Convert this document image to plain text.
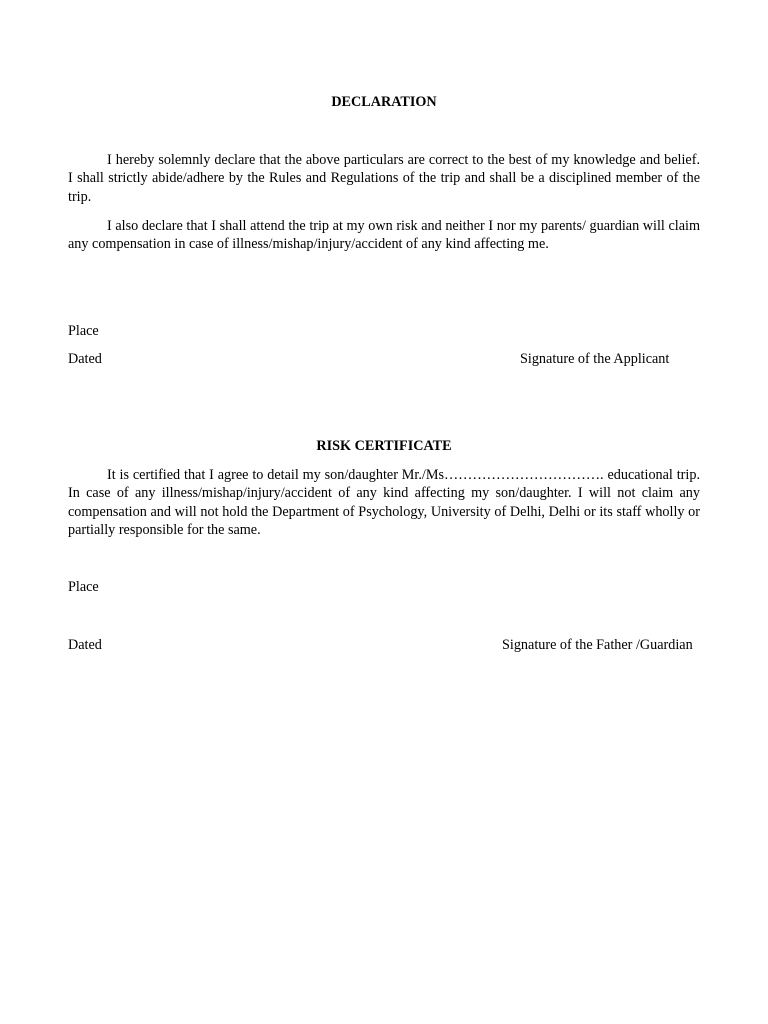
DECLARATION
I hereby solemnly declare that the above particulars are correct to the best of my knowledge and belief. I shall strictly abide/adhere by the Rules and Regulations of the trip and shall be a disciplined member of the trip.
I also declare that I shall attend the trip at my own risk and neither I nor my parents/ guardian will claim any compensation in case of illness/mishap/injury/accident of any kind affecting me.
Place
Dated	Signature of the Applicant
RISK CERTIFICATE
It is certified that I agree to detail my son/daughter Mr./Ms……………………………. educational trip. In case of any illness/mishap/injury/accident of any kind affecting my son/daughter. I will not claim any compensation and will not hold the Department of Psychology, University of Delhi, Delhi or its staff wholly or partially responsible for the same.
Place
Dated	Signature of the Father /Guardian
